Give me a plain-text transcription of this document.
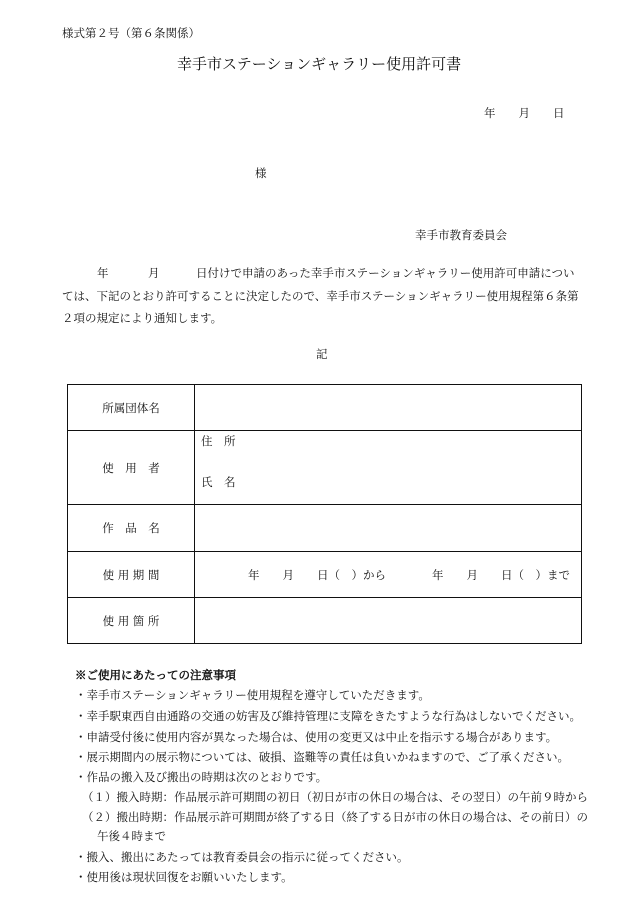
様式第２号（第６条関係）
幸手市ステーションギャラリー使用許可書
年　　月　　日
様
幸手市教育委員会
年	月	日付けで申請のあった幸手市ステーションギャラリー使用許可申請につい
ては、下記のとおり許可することに決定したので、幸手市ステーションギャラリー使用規程第６条第
２項の規定により通知します。
記
所属団体名	
使　用　者	住　所
氏　名

作　品　名	
使用期間	年　　月　　日（　）から　　　　年　　月　　日（　）まで

使用箇所	
※ご使用にあたっての注意事項
・幸手市ステーションギャラリー使用規程を遵守していただきます。
・幸手駅東西自由通路の交通の妨害及び維持管理に支障をきたすような行為はしないでください。
・申請受付後に使用内容が異なった場合は、使用の変更又は中止を指示する場合があります。
・展示期間内の展示物については、破損、盗難等の責任は負いかねますので、ご了承ください。
・作品の搬入及び搬出の時期は次のとおりです。
（１）搬入時期：作品展示許可期間の初日（初日が市の休日の場合は、その翌日）の午前９時から
（２）搬出時期：作品展示許可期間が終了する日（終了する日が市の休日の場合は、その前日）の
午後４時まで
・搬入、搬出にあたっては教育委員会の指示に従ってください。
・使用後は現状回復をお願いいたします。
